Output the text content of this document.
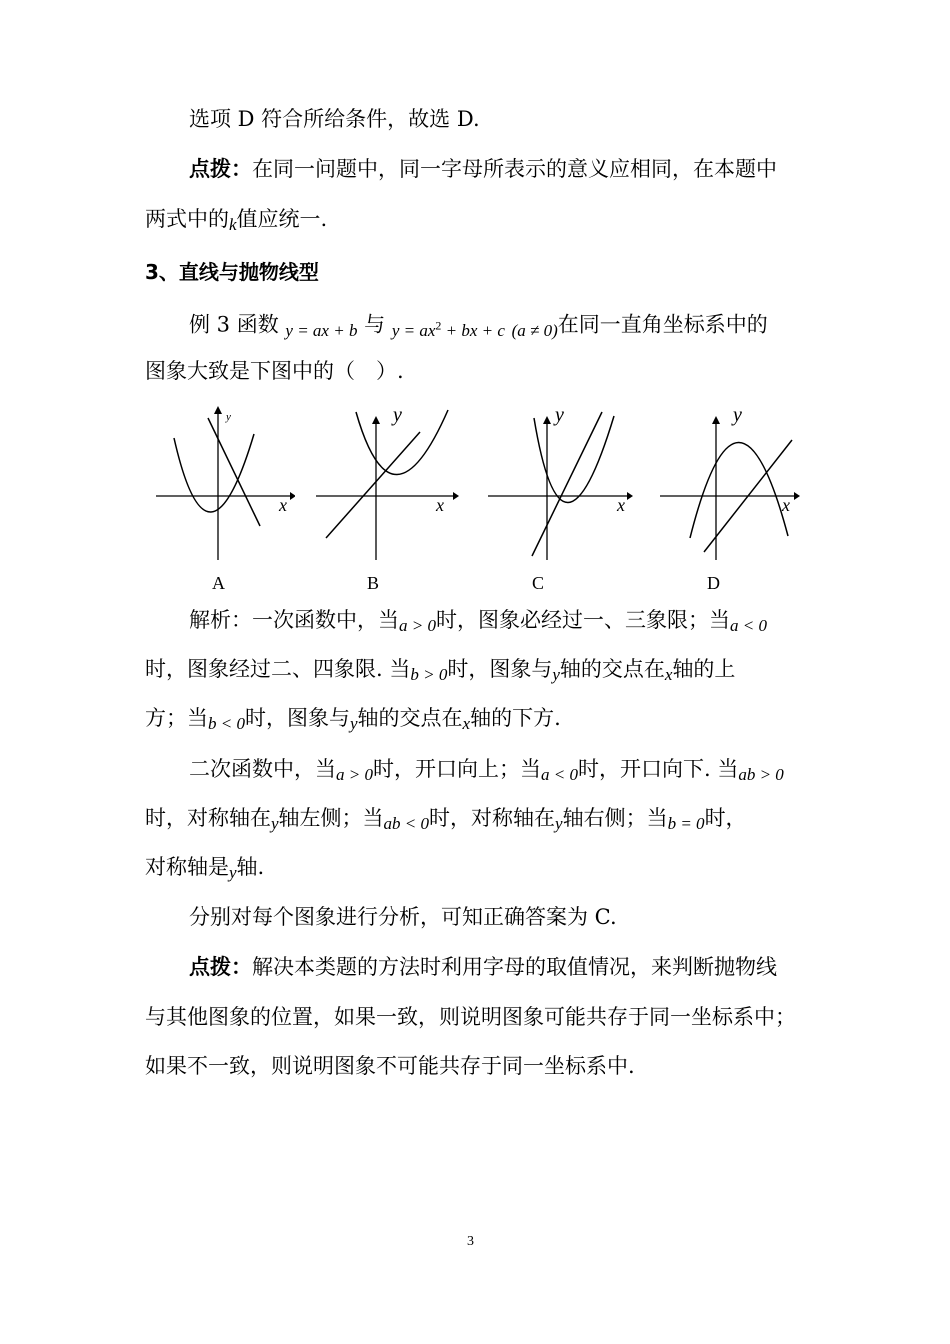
选项 D 符合所给条件，故选 D.
点拨：在同一问题中，同一字母所表示的意义应相同，在本题中
两式中的k值应统一.
3、直线与抛物线型
例 3 函数 y = ax + b 与 $y = ax^2$ + bx + c (a ≠ 0)在同一直角坐标系中的
图象大致是下图中的（　）.
x
y
x
y
x
y
x
y
A	B	C	D
解析：一次函数中，当a > 0时，图象必经过一、三象限；当a < 0
时，图象经过二、四象限. 当b > 0时，图象与y轴的交点在x轴的上
方；当b < 0时，图象与y轴的交点在x轴的下方.
二次函数中，当a > 0时，开口向上；当a < 0时，开口向下. 当ab > 0
时，对称轴在y轴左侧；当ab < 0时，对称轴在y轴右侧；当b = 0时，
对称轴是y轴.
分别对每个图象进行分析，可知正确答案为 C.
点拨：解决本类题的方法时利用字母的取值情况，来判断抛物线
与其他图象的位置，如果一致，则说明图象可能共存于同一坐标系中；
如果不一致，则说明图象不可能共存于同一坐标系中.
3
